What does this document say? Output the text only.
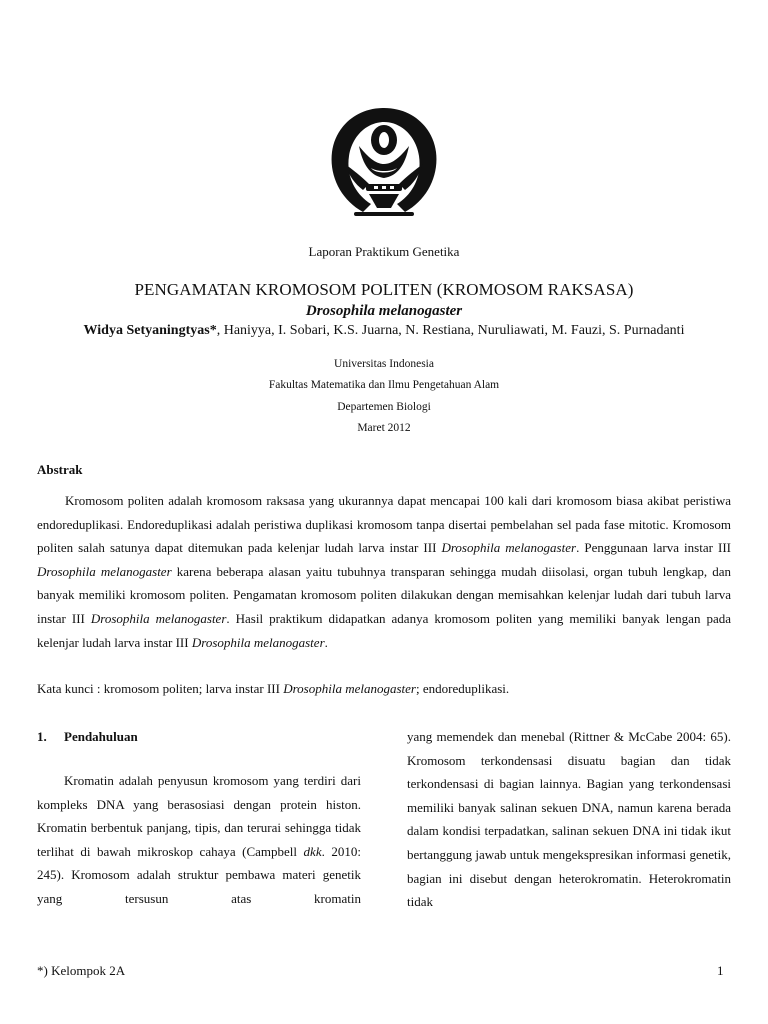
Laporan Praktikum Genetika
PENGAMATAN KROMOSOM POLITEN (KROMOSOM RAKSASA)
Drosophila melanogaster
Widya Setyaningtyas*, Haniyya, I. Sobari, K.S. Juarna, N. Restiana, Nuruliawati, M. Fauzi, S. Purnadanti
Universitas Indonesia
Fakultas Matematika dan Ilmu Pengetahuan Alam
Departemen Biologi
Maret 2012
Abstrak

Kromosom politen adalah kromosom raksasa yang ukurannya dapat mencapai 100 kali dari kromosom biasa akibat peristiwa endoreduplikasi. Endoreduplikasi adalah peristiwa duplikasi kromosom tanpa disertai pembelahan sel pada fase mitotic. Kromosom politen salah satunya dapat ditemukan pada kelenjar ludah larva instar III Drosophila melanogaster. Penggunaan larva instar III Drosophila melanogaster karena beberapa alasan yaitu tubuhnya transparan sehingga mudah diisolasi, organ tubuh lengkap, dan banyak memiliki kromosom politen. Pengamatan kromosom politen dilakukan dengan memisahkan kelenjar ludah dari tubuh larva instar III Drosophila melanogaster. Hasil praktikum didapatkan adanya kromosom politen yang memiliki banyak lengan pada kelenjar ludah larva instar III Drosophila melanogaster.

Kata kunci : kromosom politen; larva instar III Drosophila melanogaster; endoreduplikasi.
1. Pendahuluan

Kromatin adalah penyusun kromosom yang terdiri dari kompleks DNA yang berasosiasi dengan protein histon. Kromatin berbentuk panjang, tipis, dan terurai sehingga tidak terlihat di bawah mikroskop cahaya (Campbell dkk. 2010: 245). Kromosom adalah struktur pembawa materi genetik yang tersusun atas kromatin

yang memendek dan menebal (Rittner & McCabe 2004: 65). Kromosom terkondensasi disuatu bagian dan tidak terkondensasi di bagian lainnya. Bagian yang terkondensasi memiliki banyak salinan sekuen DNA, namun karena berada dalam kondisi terpadatkan, salinan sekuen DNA ini tidak ikut bertanggung jawab untuk mengekspresikan informasi genetik, bagian ini disebut dengan heterokromatin. Heterokromatin tidak

*) Kelompok 2A	1
